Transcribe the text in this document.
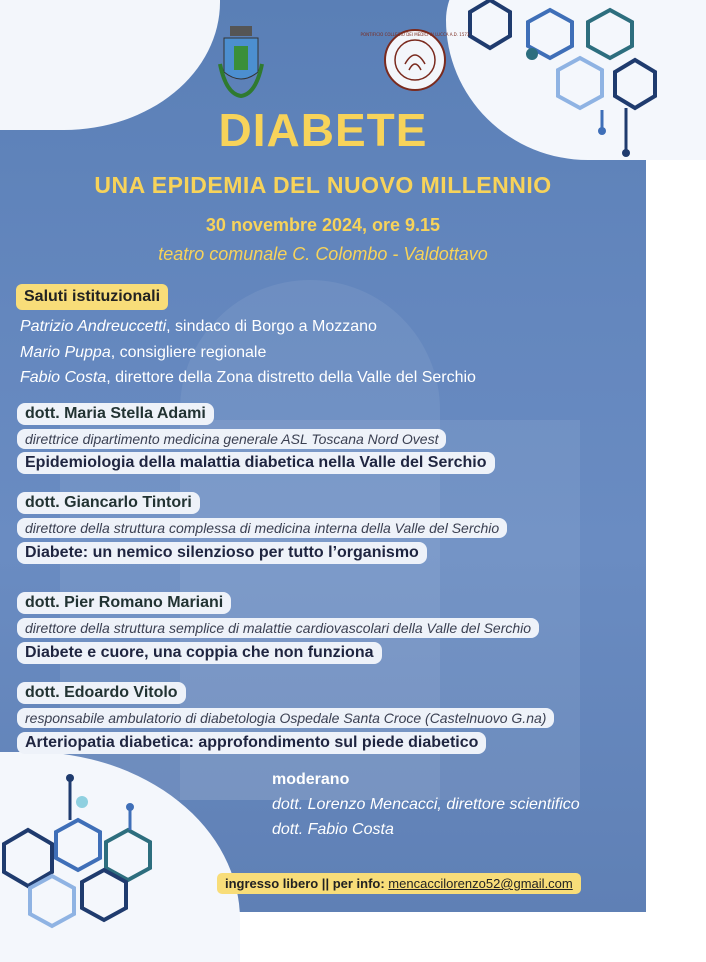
PONTIFICIO COLLEGIO DEI MEDICI IN LUCCA A.D. 1573
DIABETE
UNA EPIDEMIA DEL NUOVO MILLENNIO
30 novembre 2024, ore 9.15
teatro comunale C. Colombo - Valdottavo
Saluti istituzionali
Patrizio Andreuccetti, sindaco di Borgo a Mozzano
Mario Puppa, consigliere regionale
Fabio Costa, direttore della Zona distretto della Valle del Serchio
dott. Maria Stella Adami
direttrice dipartimento medicina generale ASL Toscana Nord Ovest
Epidemiologia della malattia diabetica nella Valle del Serchio
dott. Giancarlo Tintori
direttore della struttura complessa di medicina interna della Valle del Serchio
Diabete: un nemico silenzioso per tutto l’organismo
dott. Pier Romano Mariani
direttore della struttura semplice di malattie cardiovascolari della Valle del Serchio
Diabete e cuore, una coppia che non funziona
dott. Edoardo Vitolo
responsabile ambulatorio di diabetologia Ospedale Santa Croce (Castelnuovo G.na)
Arteriopatia diabetica: approfondimento sul piede diabetico
moderano
dott. Lorenzo Mencacci, direttore scientifico
dott. Fabio Costa
ingresso libero || per info: mencaccilorenzo52@gmail.com
